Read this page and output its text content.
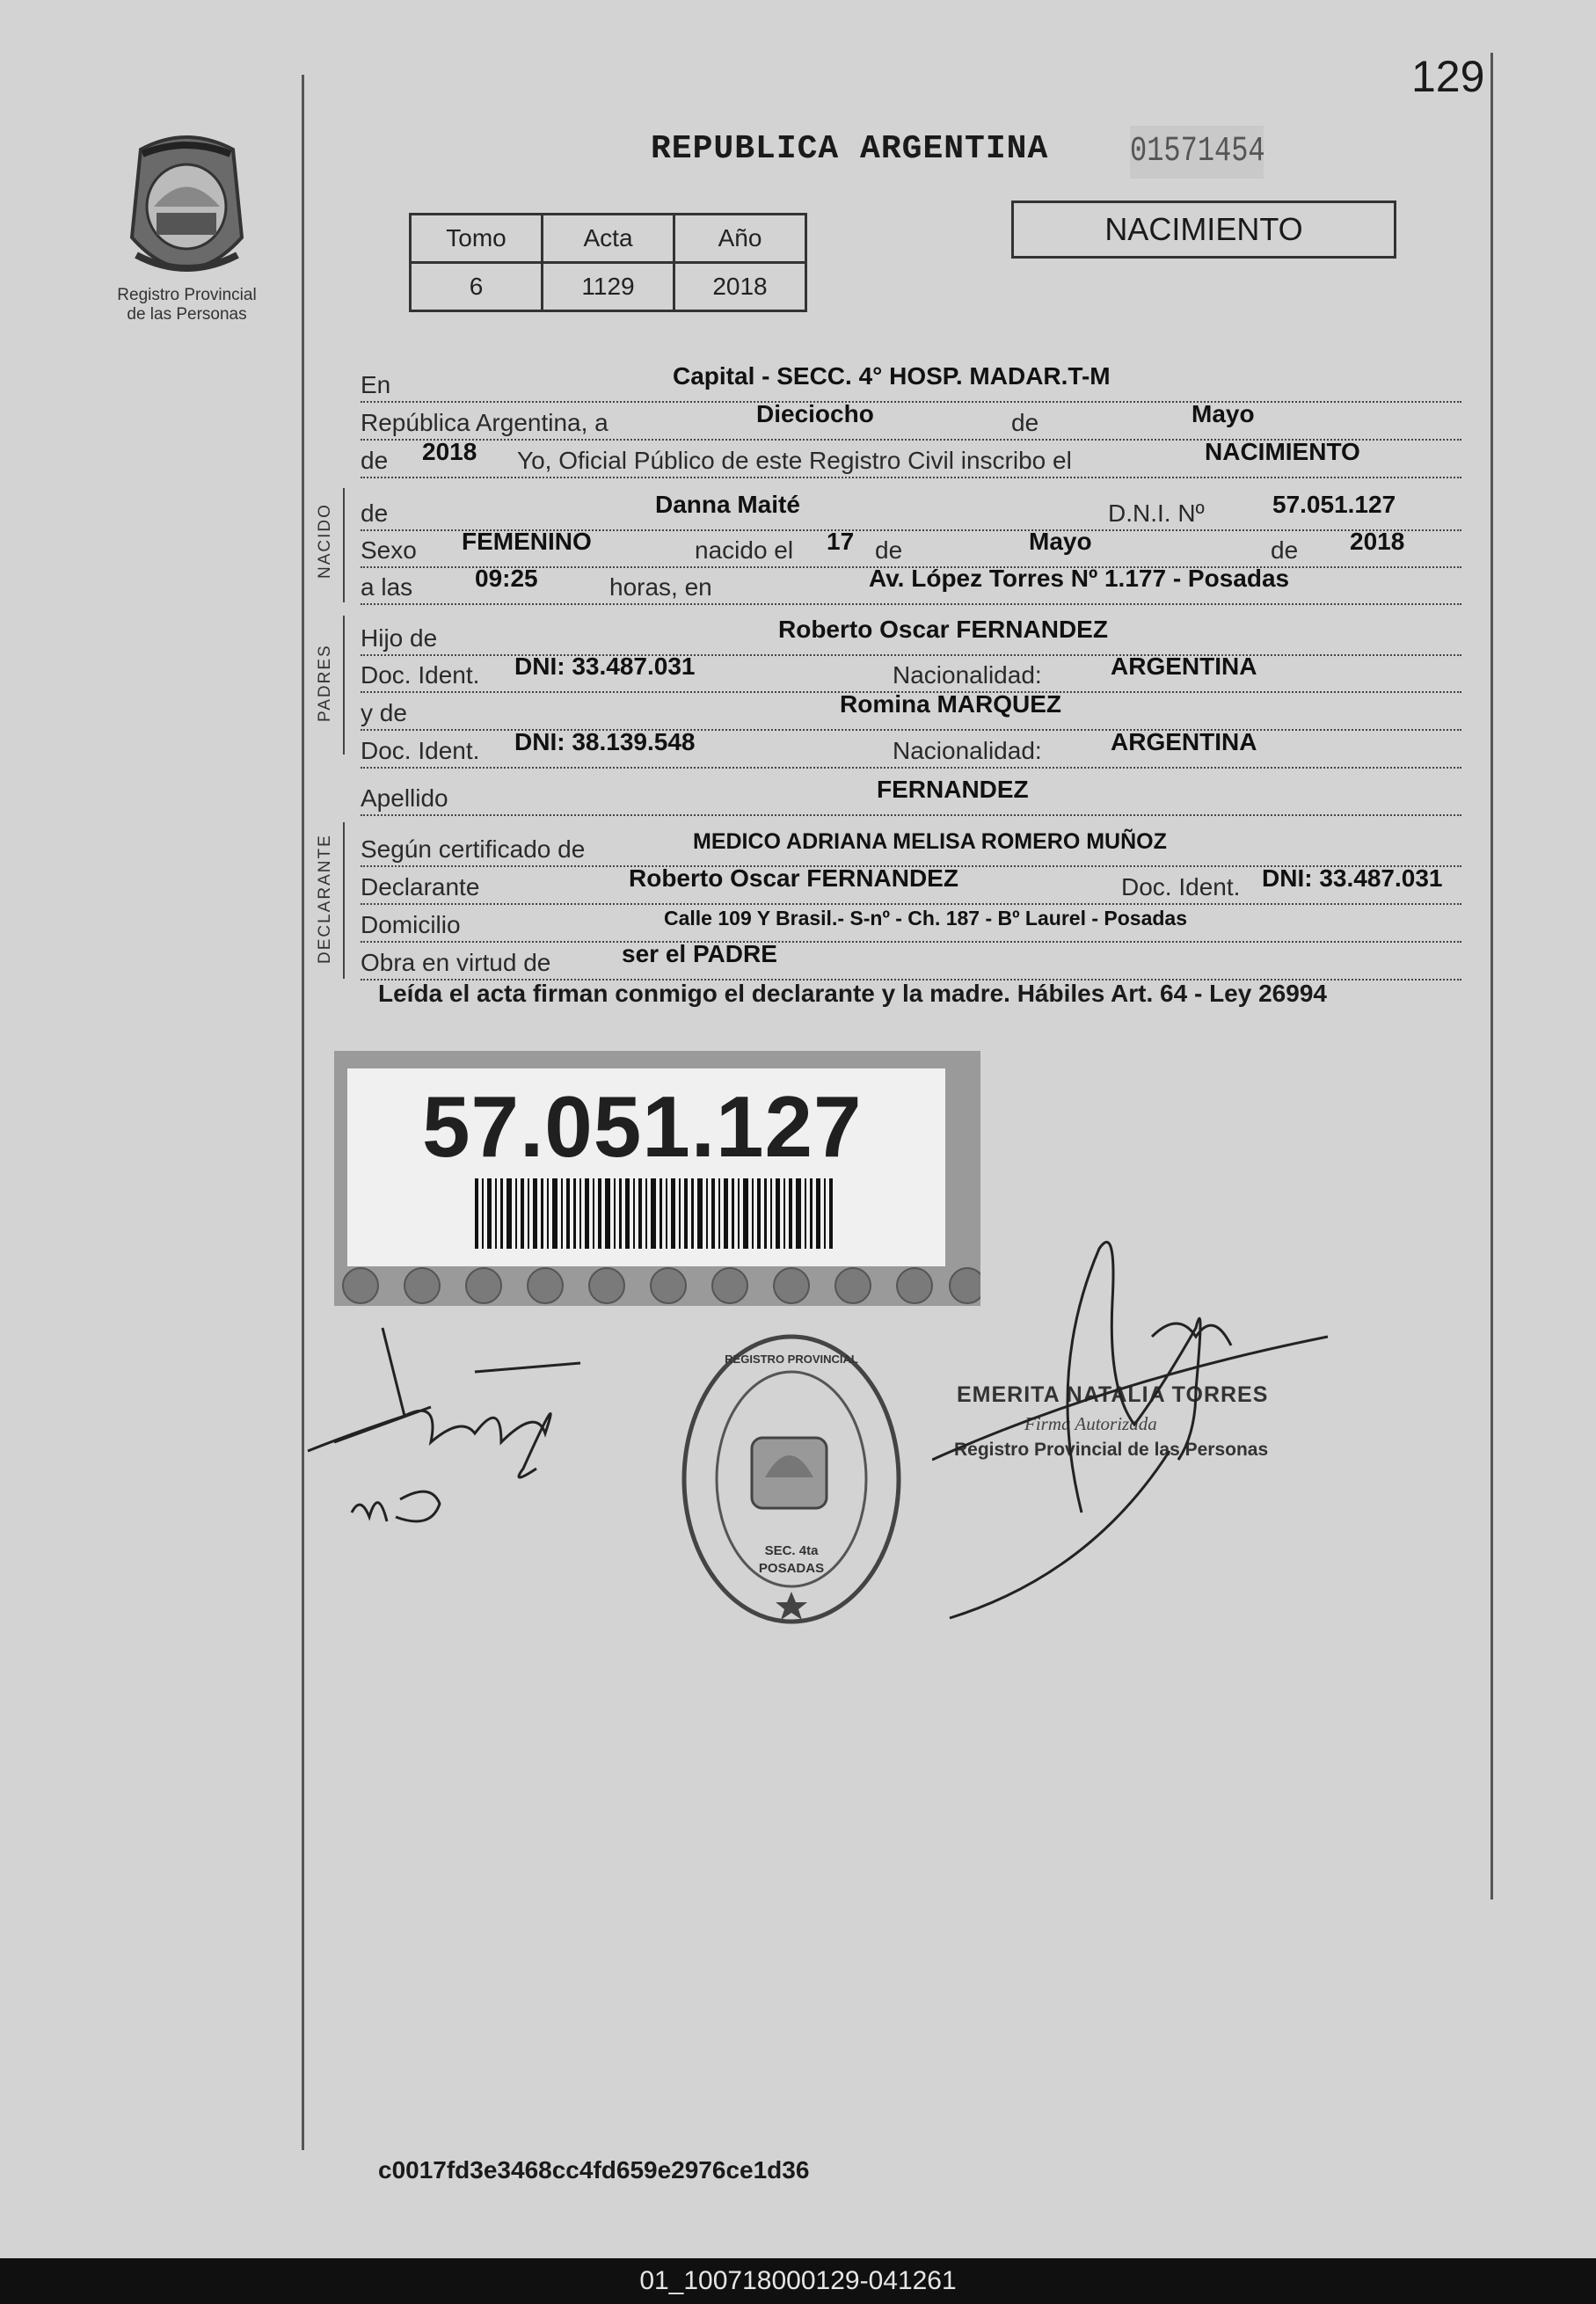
129
Registro Provincial
de las Personas
REPUBLICA ARGENTINA 01571454
Tomo	Acta	Año
6	1129	2018
NACIMIENTO
En	Capital - SECC. 4° HOSP. MADAR.T-M
República Argentina, a	Dieciocho	de	Mayo
de 2018 Yo, Oficial Público de este Registro Civil inscribo el	NACIMIENTO
NACIDO de	Danna Maité	D.N.I. Nº	57.051.127
Sexo FEMENINO	nacido el 17 de	Mayo	de 2018
a las	09:25	horas, en	Av. López Torres Nº 1.177 - Posadas
PADRES
Hijo de	Roberto Oscar FERNANDEZ
Doc. Ident. DNI: 33.487.031	Nacionalidad:	ARGENTINA
y de	Romina MARQUEZ
Doc. Ident. DNI: 38.139.548	Nacionalidad:	ARGENTINA
Apellido	FERNANDEZ
DECLARANTE Según certificado de	MEDICO ADRIANA MELISA ROMERO MUÑOZ
Declarante	Roberto Oscar FERNANDEZ	Doc. Ident. DNI: 33.487.031
Domicilio	Calle 109 Y Brasil.- S-nº - Ch. 187 - Bº Laurel - Posadas
Obra en virtud de	ser el PADRE
Leída el acta firman conmigo el declarante y la madre. Hábiles Art. 64 - Ley 26994
57.051.127
REGISTRO PROVINCIAL
SEC. 4ta
POSADAS
EMERITA NATALIA TORRES
Firma Autorizada
Registro Provincial de las Personas
c0017fd3e3468cc4fd659e2976ce1d36
01_100718000129-041261
